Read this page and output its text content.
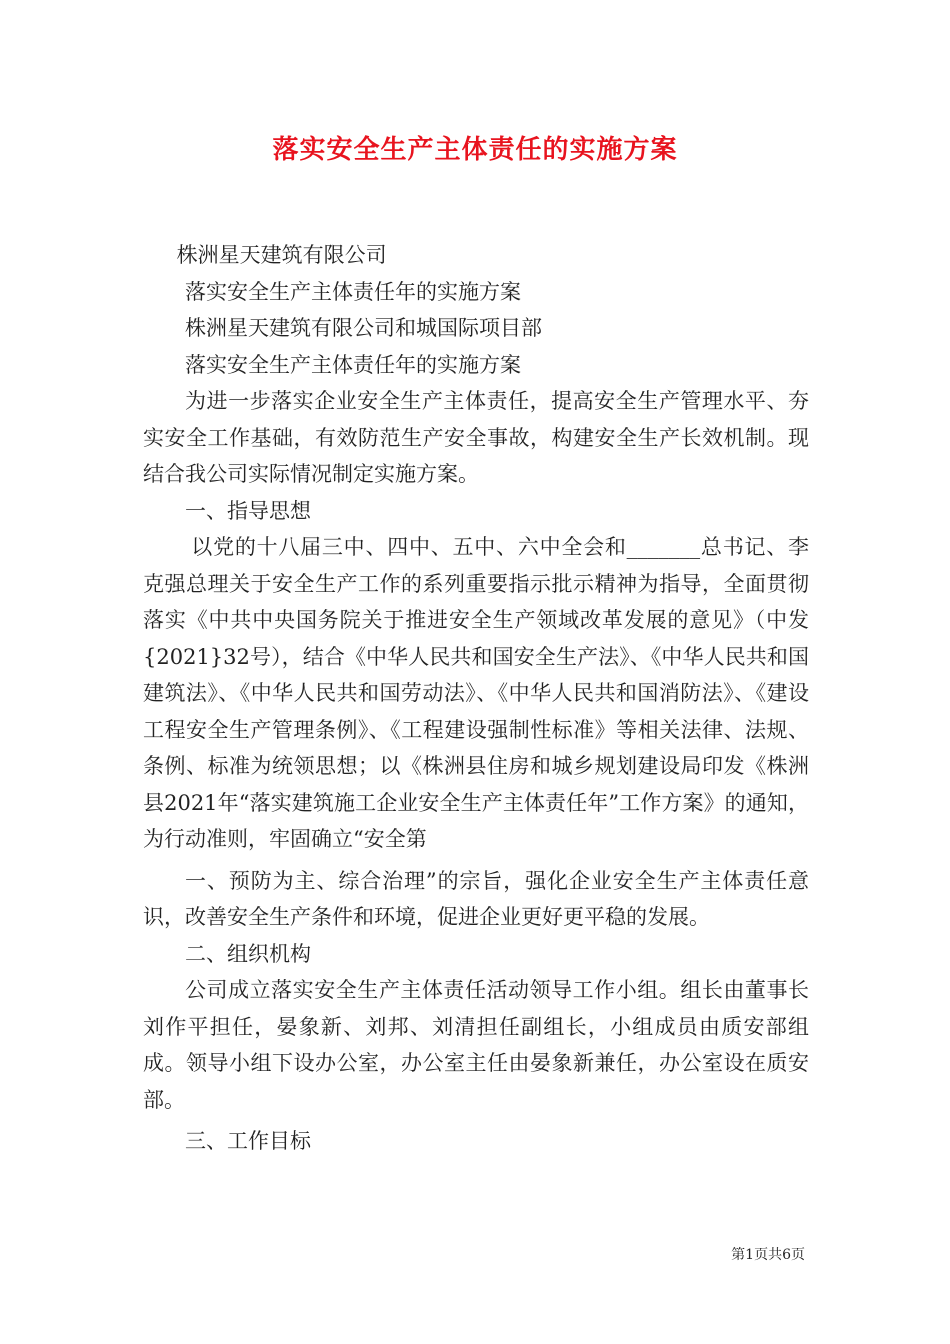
落实安全生产主体责任的实施方案

株洲星天建筑有限公司

落实安全生产主体责任年的实施方案

株洲星天建筑有限公司和城国际项目部

落实安全生产主体责任年的实施方案

为进一步落实企业安全生产主体责任，提高安全生产管理水平、夯实安全工作基础，有效防范生产安全事故，构建安全生产长效机制。现结合我公司实际情况制定实施方案。

一、指导思想

以党的十八届三中、四中、五中、六中全会和_______总书记、李克强总理关于安全生产工作的系列重要指示批示精神为指导，全面贯彻落实《中共中央国务院关于推进安全生产领域改革发展的意见》（中发{2021}32号），结合《中华人民共和国安全生产法》、《中华人民共和国建筑法》、《中华人民共和国劳动法》、《中华人民共和国消防法》、《建设工程安全生产管理条例》、《工程建设强制性标准》等相关法律、法规、条例、标准为统领思想；以《株洲县住房和城乡规划建设局印发《株洲县2021年“落实建筑施工企业安全生产主体责任年”工作方案》的通知，为行动准则，牢固确立“安全第

一、预防为主、综合治理”的宗旨，强化企业安全生产主体责任意识，改善安全生产条件和环境，促进企业更好更平稳的发展。

二、组织机构

公司成立落实安全生产主体责任活动领导工作小组。组长由董事长刘作平担任，晏象新、刘邦、刘清担任副组长，小组成员由质安部组成。领导小组下设办公室，办公室主任由晏象新兼任，办公室设在质安部。

三、工作目标

第1页共6页
